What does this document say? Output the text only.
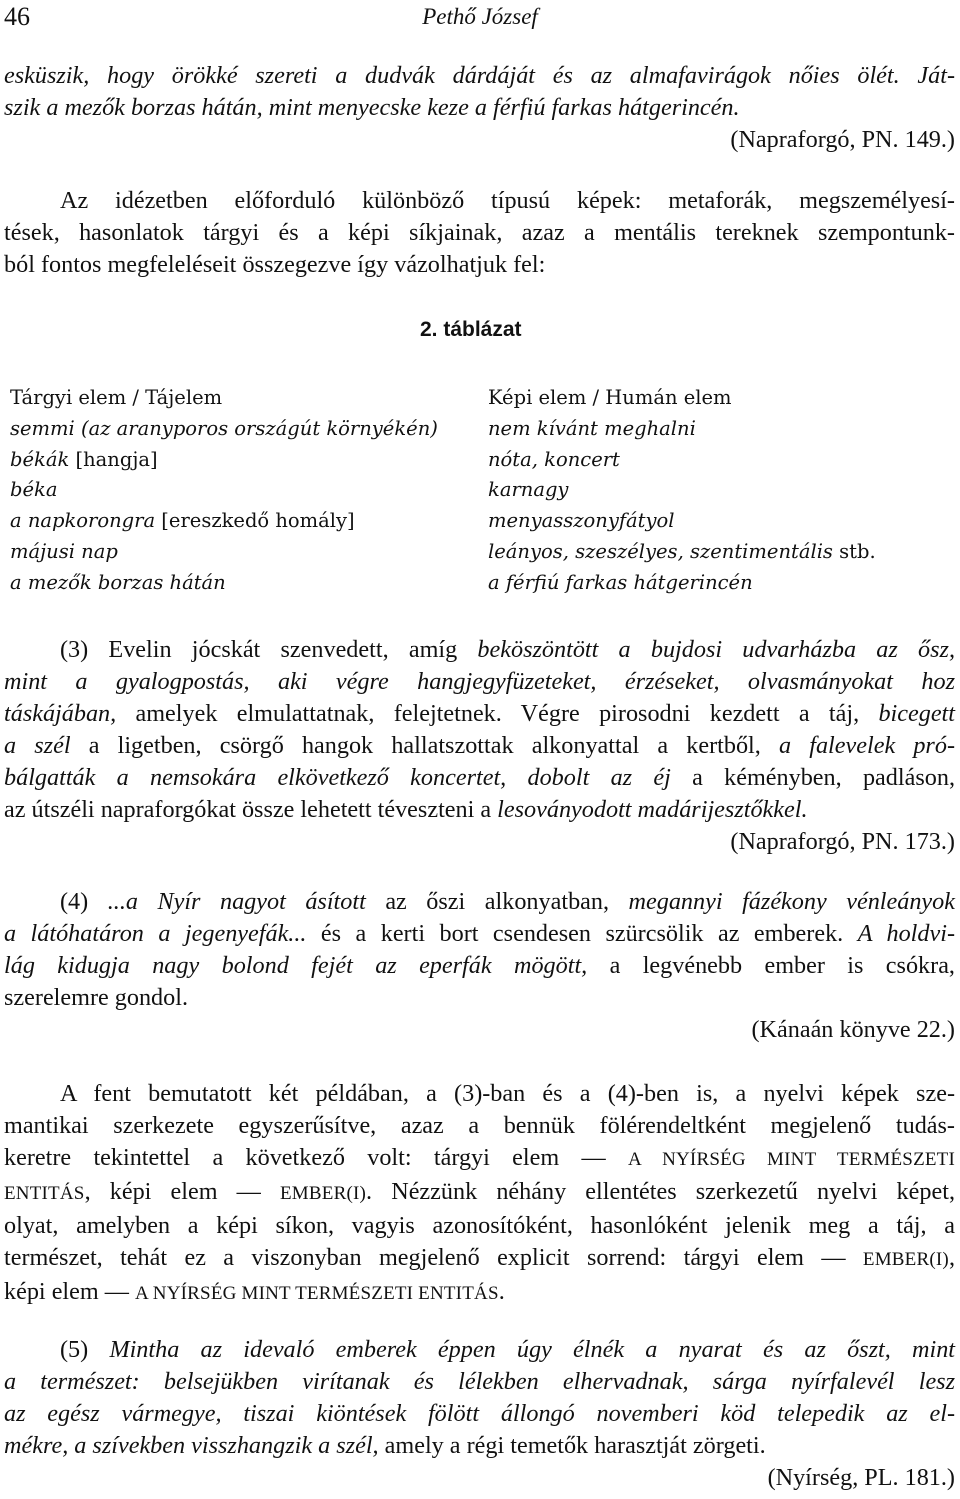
46	Pethő József
esküszik, hogy örökké szereti a dudvák dárdáját és az almafavirágok nőies ölét. Ját-
szik a mezők borzas hátán, mint menyecske keze a férfiú farkas hátgerincén.
(Napraforgó, PN. 149.)
Az idézetben előforduló különböző típusú képek: metaforák, megszemélyesí-
tések, hasonlatok tárgyi és a képi síkjainak, azaz a mentális tereknek szempontunk-
ból fontos megfeleléseit összegezve így vázolhatjuk fel:
2. táblázat
Tárgyi elem / Tájelem	Képi elem / Humán elem
semmi (az aranyporos országút környékén)	nem kívánt meghalni
békák [hangja]	nóta, koncert
béka	karnagy
a napkorongra [ereszkedő homály]	menyasszonyfátyol
májusi nap	leányos, szeszélyes, szentimentális stb.
a mezők borzas hátán	a férfiú farkas hátgerincén
(3) Evelin jócskát szenvedett, amíg beköszöntött a bujdosi udvarházba az ősz,
mint a gyalogpostás, aki végre hangjegyfüzeteket, érzéseket, olvasmányokat hoz
táskájában, amelyek elmulattatnak, felejtetnek. Végre pirosodni kezdett a táj, bicegett
a szél a ligetben, csörgő hangok hallatszottak alkonyattal a kertből, a falevelek pró-
bálgatták a nemsokára elkövetkező koncertet, dobolt az éj a kéményben, padláson,
az útszéli napraforgókat össze lehetett téveszteni a lesoványodott madárijesztőkkel.
(Napraforgó, PN. 173.)
(4) ...a Nyír nagyot ásított az őszi alkonyatban, megannyi fázékony vénleányok
a látóhatáron a jegenyefák... és a kerti bort csendesen szürcsölik az emberek. A holdvi-
lág kidugja nagy bolond fejét az eperfák mögött, a legvénebb ember is csókra,
szerelemre gondol.
(Kánaán könyve 22.)
A fent bemutatott két példában, a (3)-ban és a (4)-ben is, a nyelvi képek sze-
mantikai szerkezete egyszerűsítve, azaz a bennük fölérendeltként megjelenő tudás-
keretre tekintettel a következő volt: tárgyi elem — A NYÍRSÉG MINT TERMÉSZETI
ENTITÁS, képi elem — EMBER(I). Nézzünk néhány ellentétes szerkezetű nyelvi képet,
olyat, amelyben a képi síkon, vagyis azonosítóként, hasonlóként jelenik meg a táj, a
természet, tehát ez a viszonyban megjelenő explicit sorrend: tárgyi elem — EMBER(I),
képi elem — A NYÍRSÉG MINT TERMÉSZETI ENTITÁS.
(5) Mintha az idevaló emberek éppen úgy élnék a nyarat és az őszt, mint
a természet: belsejükben virítanak és lélekben elhervadnak, sárga nyírfalevél lesz
az egész vármegye, tiszai kiöntések fölött állongó novemberi köd telepedik az el-
mékre, a szívekben visszhangzik a szél, amely a régi temetők harasztját zörgeti.
(Nyírség, PL. 181.)
